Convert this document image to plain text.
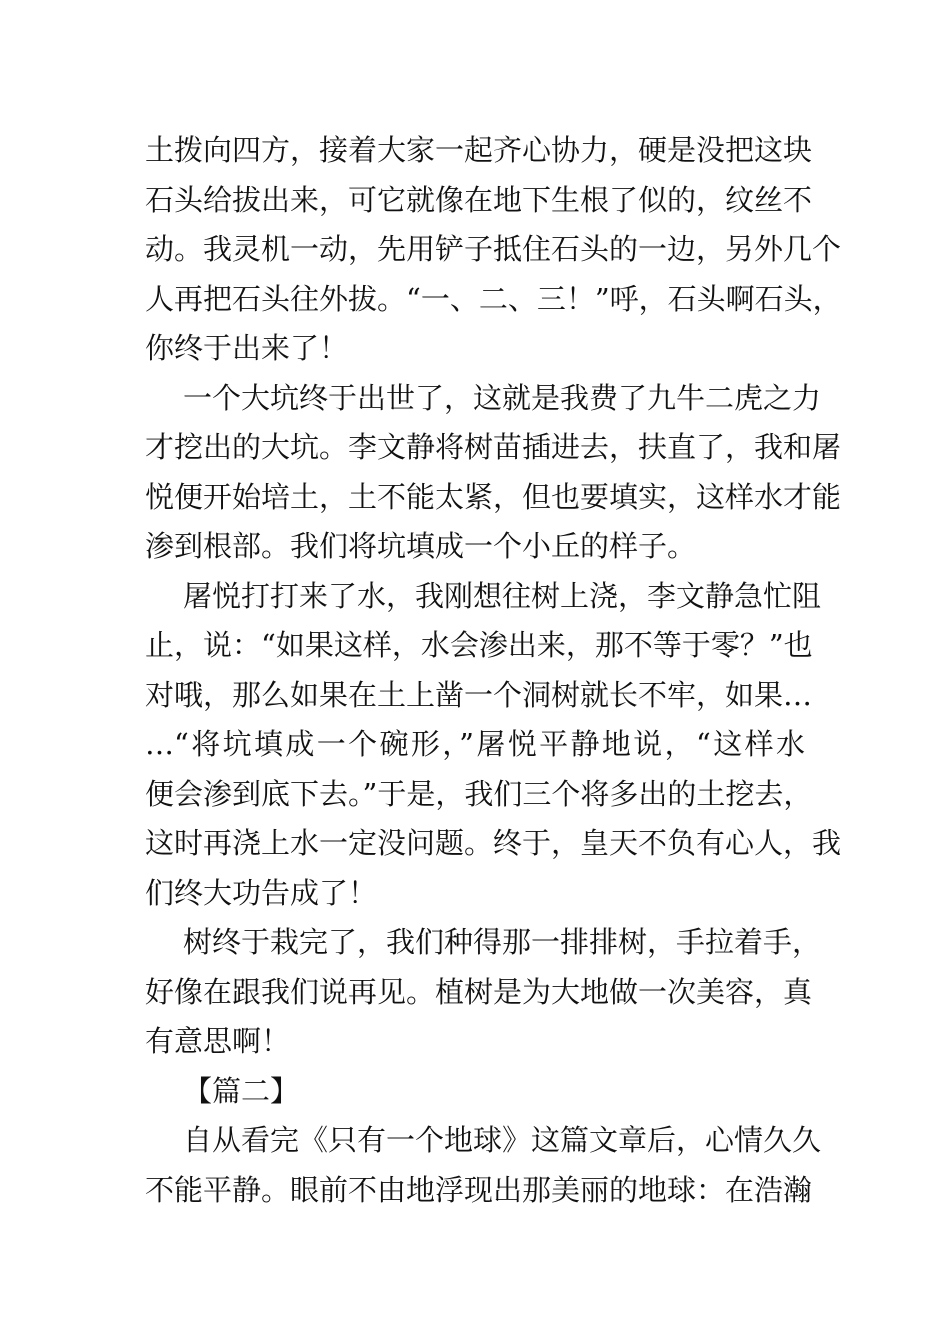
土拨向四方，接着大家一起齐心协力，硬是没把这块
石头给拔出来，可它就像在地下生根了似的，纹丝不
动。我灵机一动，先用铲子抵住石头的一边，另外几个
人再把石头往外拔。“一、二、三！”呼，石头啊石头，
你终于出来了！
一个大坑终于出世了，这就是我费了九牛二虎之力
才挖出的大坑。李文静将树苗插进去，扶直了，我和屠
悦便开始培土，土不能太紧，但也要填实，这样水才能
渗到根部。我们将坑填成一个小丘的样子。
屠悦打打来了水，我刚想往树上浇，李文静急忙阻
止，说：“如果这样，水会渗出来，那不等于零？”也
对哦，那么如果在土上凿一个洞树就长不牢，如果…
…“将坑填成一个碗形，”屠悦平静地说，“这样水
便会渗到底下去。”于是，我们三个将多出的土挖去，
这时再浇上水一定没问题。终于，皇天不负有心人，我
们终大功告成了！
树终于栽完了，我们种得那一排排树，手拉着手，
好像在跟我们说再见。植树是为大地做一次美容，真
有意思啊！
【篇二】
自从看完《只有一个地球》这篇文章后，心情久久
不能平静。眼前不由地浮现出那美丽的地球：在浩瀚
